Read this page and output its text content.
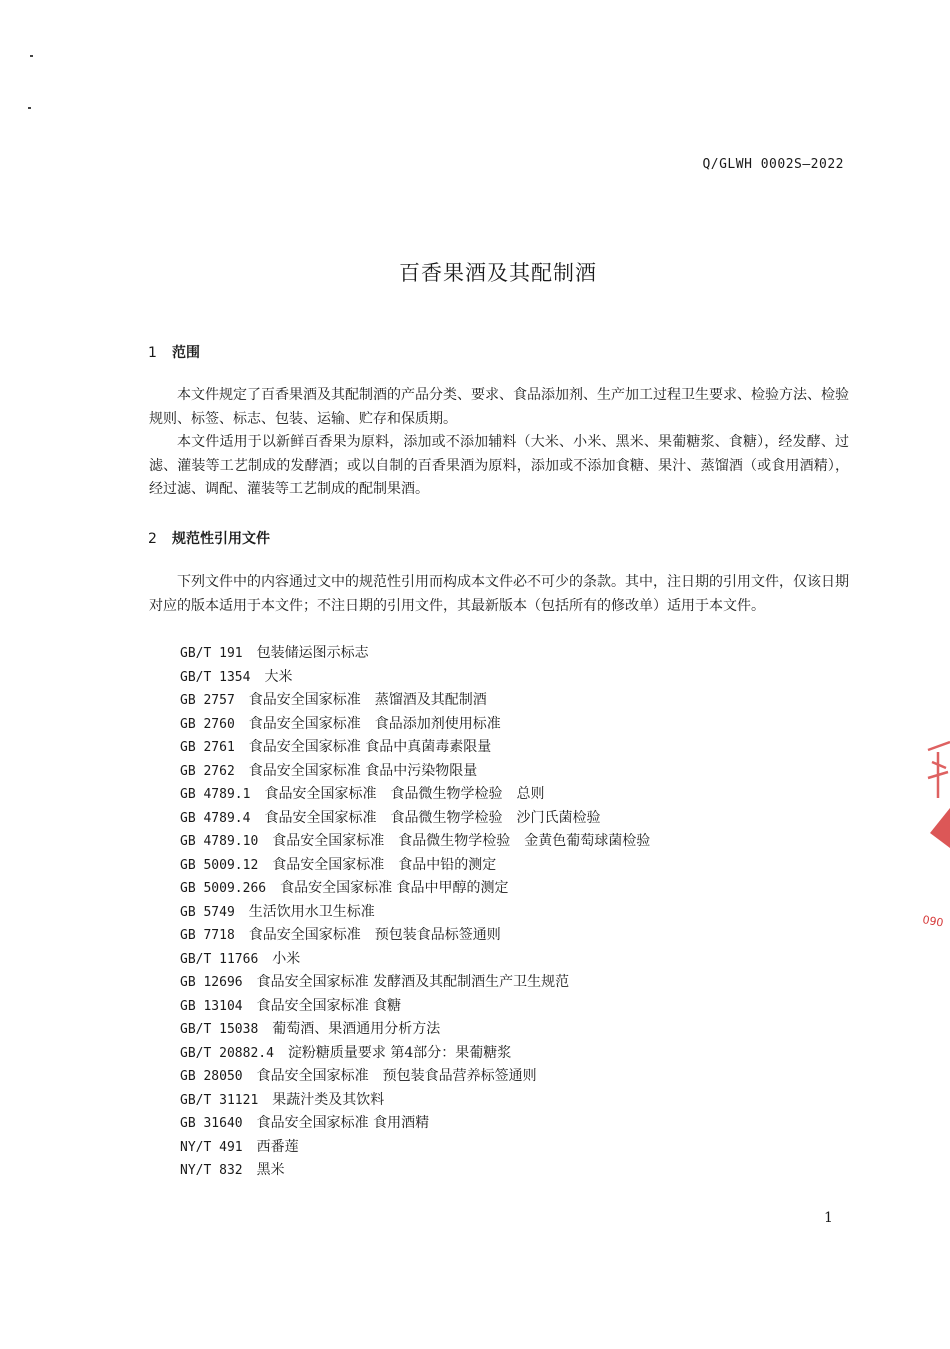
Q/GLWH 0002S—2022
百香果酒及其配制酒
1 范围

本文件规定了百香果酒及其配制酒的产品分类、要求、食品添加剂、生产加工过程卫生要求、检验方法、检验规则、标签、标志、包装、运输、贮存和保质期。

本文件适用于以新鲜百香果为原料，添加或不添加辅料（大米、小米、黑米、果葡糖浆、食糖），经发酵、过滤、灌装等工艺制成的发酵酒；或以自制的百香果酒为原料，添加或不添加食糖、果汁、蒸馏酒（或食用酒精），经过滤、调配、灌装等工艺制成的配制果酒。

2 规范性引用文件

下列文件中的内容通过文中的规范性引用而构成本文件必不可少的条款。其中，注日期的引用文件，仅该日期对应的版本适用于本文件；不注日期的引用文件，其最新版本（包括所有的修改单）适用于本文件。

GB/T 191 包装储运图示标志
GB/T 1354 大米
GB 2757 食品安全国家标准　蒸馏酒及其配制酒
GB 2760 食品安全国家标准　食品添加剂使用标准
GB 2761 食品安全国家标准 食品中真菌毒素限量
GB 2762 食品安全国家标准 食品中污染物限量
GB 4789.1 食品安全国家标准　食品微生物学检验　总则
GB 4789.4 食品安全国家标准　食品微生物学检验　沙门氏菌检验
GB 4789.10 食品安全国家标准　食品微生物学检验　金黄色葡萄球菌检验
GB 5009.12 食品安全国家标准　食品中铅的测定
GB 5009.266 食品安全国家标准 食品中甲醇的测定
GB 5749 生活饮用水卫生标准
GB 7718 食品安全国家标准　预包装食品标签通则
GB/T 11766 小米
GB 12696 食品安全国家标准 发酵酒及其配制酒生产卫生规范
GB 13104 食品安全国家标准 食糖
GB/T 15038 葡萄酒、果酒通用分析方法
GB/T 20882.4 淀粉糖质量要求 第4部分：果葡糖浆
GB 28050 食品安全国家标准　预包装食品营养标签通则
GB/T 31121 果蔬汁类及其饮料
GB 31640 食品安全国家标准 食用酒精
NY/T 491 西番莲
NY/T 832 黑米
1
090
